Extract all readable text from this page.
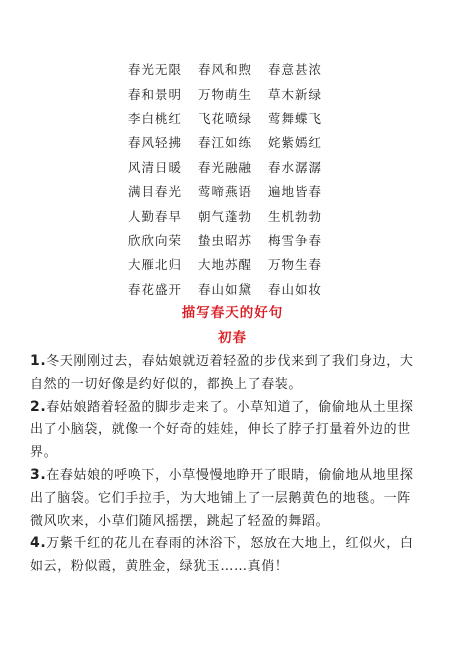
春光无限	春风和煦	春意甚浓
春和景明	万物萌生	草木新绿
李白桃红	飞花喷绿	莺舞蝶飞
春风轻拂	春江如练	姹紫嫣红
风清日暖	春光融融	春水潺潺
满目春光	莺啼燕语	遍地皆春
人勤春早	朝气蓬勃	生机勃勃
欣欣向荣	蛰虫昭苏	梅雪争春
大雁北归	大地苏醒	万物生春
春花盛开	春山如黛	春山如妆
描写春天的好句
初春
1.冬天刚刚过去，春姑娘就迈着轻盈的步伐来到了我们身边，大
自然的一切好像是约好似的，都换上了春装。
2.春姑娘踏着轻盈的脚步走来了。小草知道了，偷偷地从土里探
出了小脑袋，就像一个好奇的娃娃，伸长了脖子打量着外边的世
界。
3.在春姑娘的呼唤下，小草慢慢地睁开了眼睛，偷偷地从地里探
出了脑袋。它们手拉手，为大地铺上了一层鹅黄色的地毯。一阵
微风吹来，小草们随风摇摆，跳起了轻盈的舞蹈。
4.万紫千红的花儿在春雨的沐浴下，怒放在大地上，红似火，白
如云，粉似霞，黄胜金，绿犹玉……真俏！
